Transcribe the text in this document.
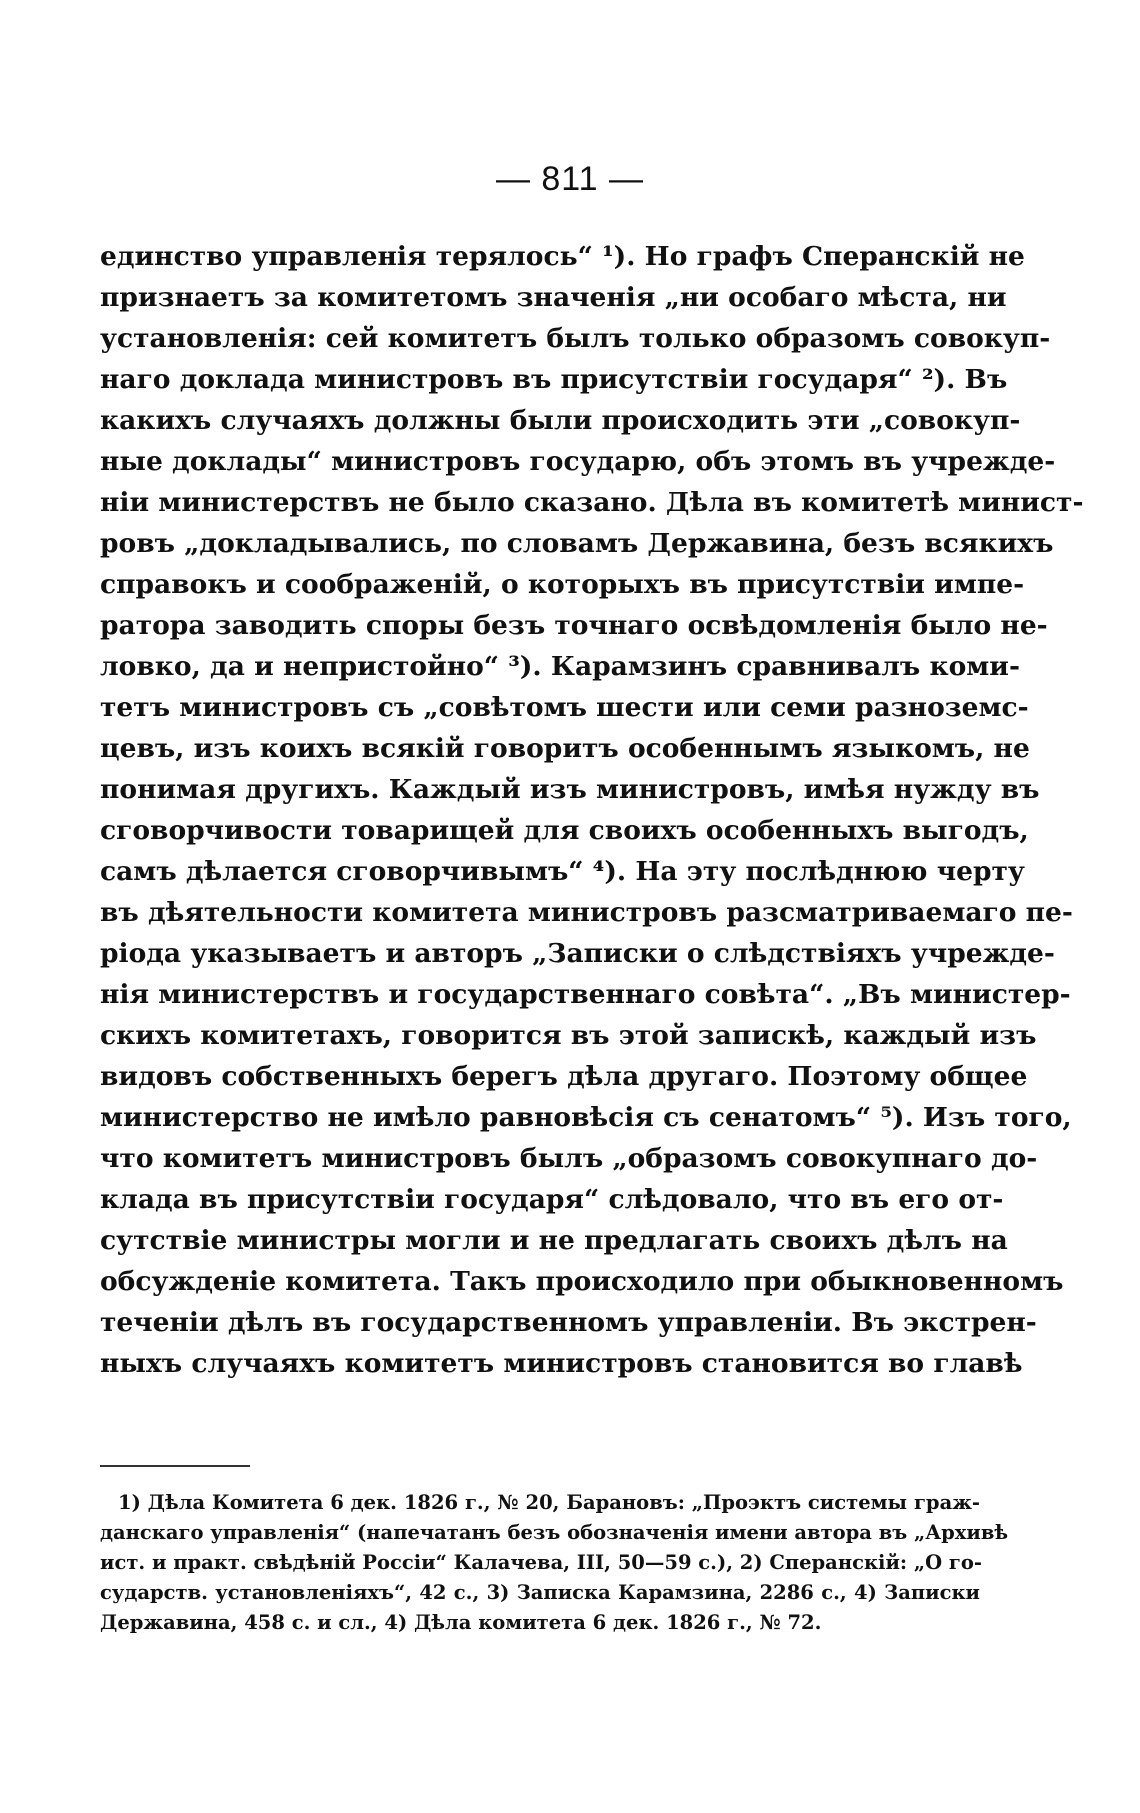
— 811 —
единство управленія терялось“ ¹). Но графъ Сперанскій не
признаетъ за комитетомъ значенія „ни особаго мѣста, ни
установленія: сей комитетъ былъ только образомъ совокуп-
наго доклада министровъ въ присутствіи государя“ ²). Въ
какихъ случаяхъ должны были происходить эти „совокуп-
ные доклады“ министровъ государю, объ этомъ въ учрежде-
ніи министерствъ не было сказано. Дѣла въ комитетѣ минист-
ровъ „докладывались, по словамъ Державина, безъ всякихъ
справокъ и соображеній, о которыхъ въ присутствіи импе-
ратора заводить споры безъ точнаго освѣдомленія было не-
ловко, да и непристойно“ ³). Карамзинъ сравнивалъ коми-
тетъ министровъ съ „совѣтомъ шести или семи разноземс-
цевъ, изъ коихъ всякій говоритъ особеннымъ языкомъ, не
понимая другихъ. Каждый изъ министровъ, имѣя нужду въ
сговорчивости товарищей для своихъ особенныхъ выгодъ,
самъ дѣлается сговорчивымъ“ ⁴). На эту послѣднюю черту
въ дѣятельности комитета министровъ разсматриваемаго пе-
ріода указываетъ и авторъ „Записки о слѣдствіяхъ учрежде-
нія министерствъ и государственнаго совѣта“. „Въ министер-
скихъ комитетахъ, говорится въ этой запискѣ, каждый изъ
видовъ собственныхъ берегъ дѣла другаго. Поэтому общее
министерство не имѣло равновѣсія съ сенатомъ“ ⁵). Изъ того,
что комитетъ министровъ былъ „образомъ совокупнаго до-
клада въ присутствіи государя“ слѣдовало, что въ его от-
сутствіе министры могли и не предлагать своихъ дѣлъ на
обсужденіе комитета. Такъ происходило при обыкновенномъ
теченіи дѣлъ въ государственномъ управленіи. Въ экстрен-
ныхъ случаяхъ комитетъ министровъ становится во главѣ
1) Дѣла Комитета 6 дек. 1826 г., № 20, Барановъ: „Проэктъ системы граж-
данскаго управленія“ (напечатанъ безъ обозначенія имени автора въ „Архивѣ
ист. и практ. свѣдѣній Россіи“ Калачева, III, 50—59 с.), 2) Сперанскій: „О го-
сударств. установленіяхъ“, 42 с., 3) Записка Карамзина, 2286 с., 4) Записки
Державина, 458 с. и сл., 4) Дѣла комитета 6 дек. 1826 г., № 72.
